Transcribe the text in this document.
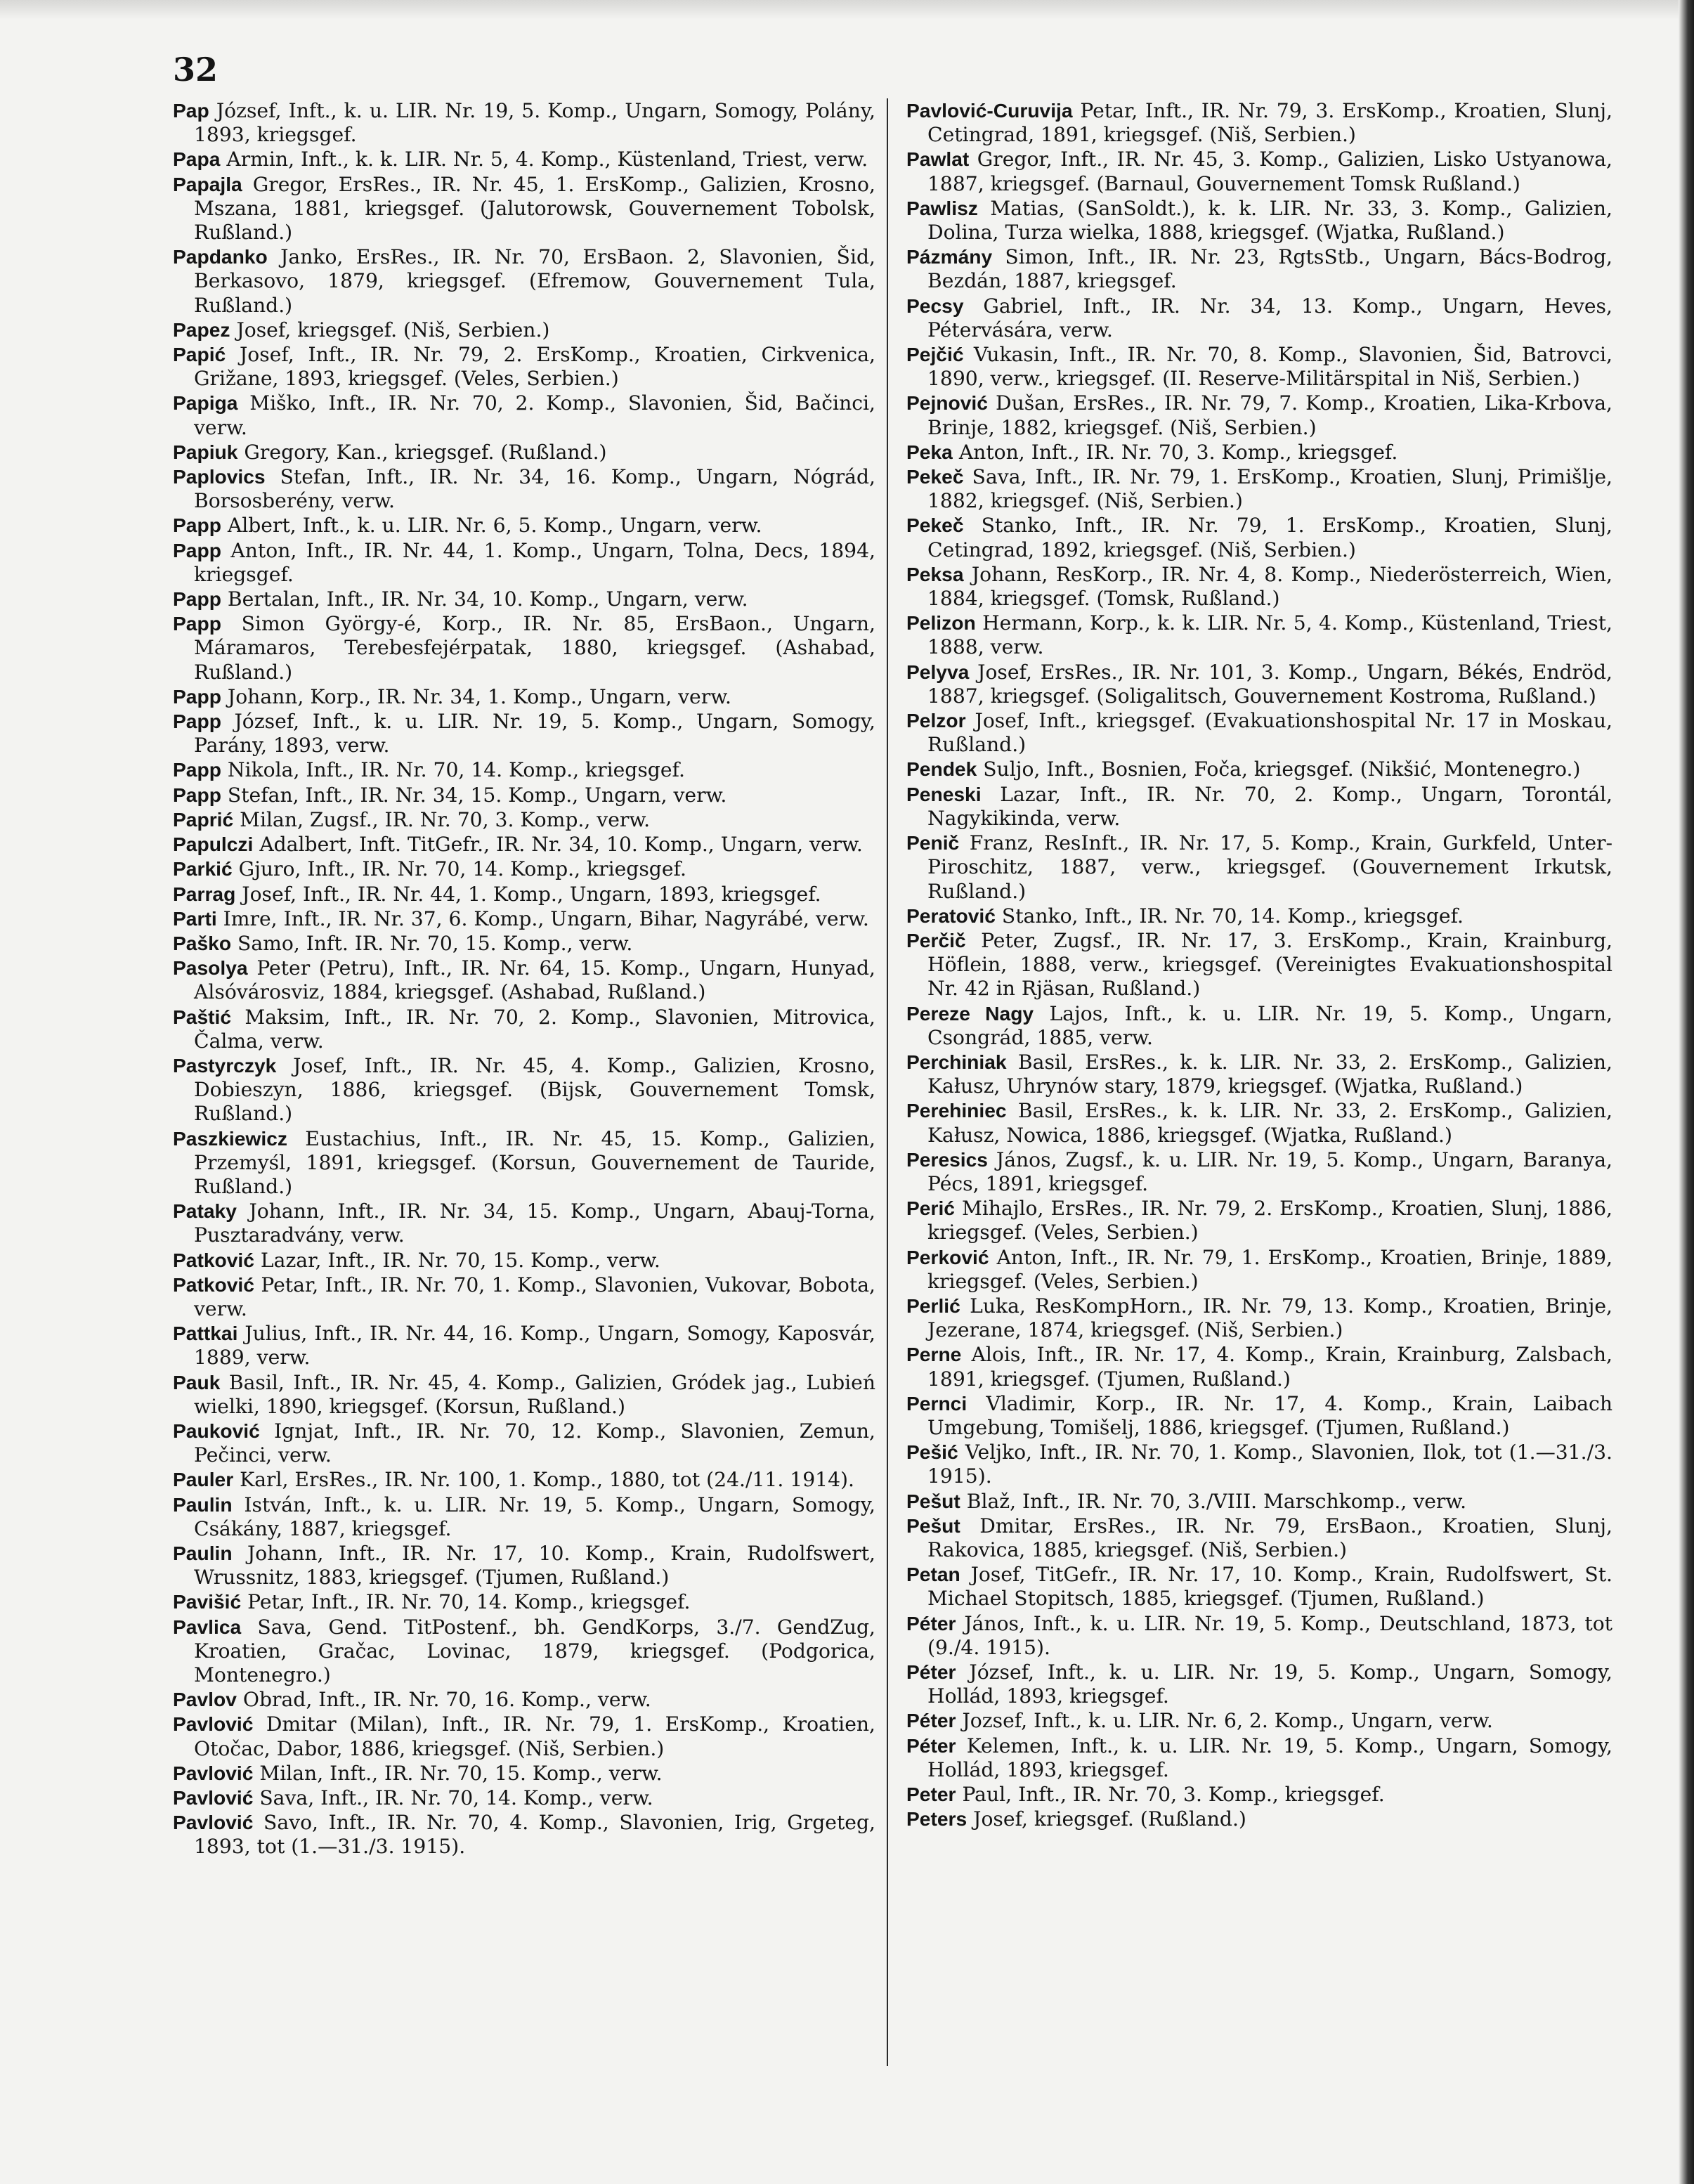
32

Pap József, Inft., k. u. LIR. Nr. 19, 5. Komp., Ungarn, Somogy, Polány, 1893, kriegsgef.

Papa Armin, Inft., k. k. LIR. Nr. 5, 4. Komp., Küstenland, Triest, verw.

Papajla Gregor, ErsRes., IR. Nr. 45, 1. ErsKomp., Galizien, Krosno, Mszana, 1881, kriegsgef. (Jalutorowsk, Gouvernement Tobolsk, Rußland.)

Papdanko Janko, ErsRes., IR. Nr. 70, ErsBaon. 2, Slavonien, Šid, Berkasovo, 1879, kriegsgef. (Efremow, Gouvernement Tula, Rußland.)

Papez Josef, kriegsgef. (Niš, Serbien.)

Papić Josef, Inft., IR. Nr. 79, 2. ErsKomp., Kroatien, Cirkvenica, Grižane, 1893, kriegsgef. (Veles, Serbien.)

Papiga Miško, Inft., IR. Nr. 70, 2. Komp., Slavonien, Šid, Bačinci, verw.

Papiuk Gregory, Kan., kriegsgef. (Rußland.)

Paplovics Stefan, Inft., IR. Nr. 34, 16. Komp., Ungarn, Nógrád, Borsosberény, verw.

Papp Albert, Inft., k. u. LIR. Nr. 6, 5. Komp., Ungarn, verw.

Papp Anton, Inft., IR. Nr. 44, 1. Komp., Ungarn, Tolna, Decs, 1894, kriegsgef.

Papp Bertalan, Inft., IR. Nr. 34, 10. Komp., Ungarn, verw.

Papp Simon György-é, Korp., IR. Nr. 85, ErsBaon., Ungarn, Máramaros, Terebesfejérpatak, 1880, kriegsgef. (Ashabad, Rußland.)

Papp Johann, Korp., IR. Nr. 34, 1. Komp., Ungarn, verw.

Papp József, Inft., k. u. LIR. Nr. 19, 5. Komp., Ungarn, Somogy, Parány, 1893, verw.

Papp Nikola, Inft., IR. Nr. 70, 14. Komp., kriegsgef.

Papp Stefan, Inft., IR. Nr. 34, 15. Komp., Ungarn, verw.

Paprić Milan, Zugsf., IR. Nr. 70, 3. Komp., verw.

Papulczi Adalbert, Inft. TitGefr., IR. Nr. 34, 10. Komp., Ungarn, verw.

Parkić Gjuro, Inft., IR. Nr. 70, 14. Komp., kriegsgef.

Parrag Josef, Inft., IR. Nr. 44, 1. Komp., Ungarn, 1893, kriegsgef.

Parti Imre, Inft., IR. Nr. 37, 6. Komp., Ungarn, Bihar, Nagyrábé, verw.

Paško Samo, Inft. IR. Nr. 70, 15. Komp., verw.

Pasolya Peter (Petru), Inft., IR. Nr. 64, 15. Komp., Ungarn, Hunyad, Alsóvárosviz, 1884, kriegsgef. (Ashabad, Rußland.)

Paštić Maksim, Inft., IR. Nr. 70, 2. Komp., Slavonien, Mitrovica, Čalma, verw.

Pastyrczyk Josef, Inft., IR. Nr. 45, 4. Komp., Galizien, Krosno, Dobieszyn, 1886, kriegsgef. (Bijsk, Gouvernement Tomsk, Rußland.)

Paszkiewicz Eustachius, Inft., IR. Nr. 45, 15. Komp., Galizien, Przemyśl, 1891, kriegsgef. (Korsun, Gouvernement de Tauride, Rußland.)

Pataky Johann, Inft., IR. Nr. 34, 15. Komp., Ungarn, Abauj-Torna, Pusztaradvány, verw.

Patković Lazar, Inft., IR. Nr. 70, 15. Komp., verw.

Patković Petar, Inft., IR. Nr. 70, 1. Komp., Slavonien, Vukovar, Bobota, verw.

Pattkai Julius, Inft., IR. Nr. 44, 16. Komp., Ungarn, Somogy, Kaposvár, 1889, verw.

Pauk Basil, Inft., IR. Nr. 45, 4. Komp., Galizien, Gródek jag., Lubień wielki, 1890, kriegsgef. (Korsun, Rußland.)

Pauković Ignjat, Inft., IR. Nr. 70, 12. Komp., Slavonien, Zemun, Pečinci, verw.

Pauler Karl, ErsRes., IR. Nr. 100, 1. Komp., 1880, tot (24./11. 1914).

Paulin István, Inft., k. u. LIR. Nr. 19, 5. Komp., Ungarn, Somogy, Csákány, 1887, kriegsgef.

Paulin Johann, Inft., IR. Nr. 17, 10. Komp., Krain, Rudolfswert, Wrussnitz, 1883, kriegsgef. (Tjumen, Rußland.)

Pavišić Petar, Inft., IR. Nr. 70, 14. Komp., kriegsgef.

Pavlica Sava, Gend. TitPostenf., bh. GendKorps, 3./7. GendZug, Kroatien, Gračac, Lovinac, 1879, kriegsgef. (Podgorica, Montenegro.)

Pavlov Obrad, Inft., IR. Nr. 70, 16. Komp., verw.

Pavlović Dmitar (Milan), Inft., IR. Nr. 79, 1. ErsKomp., Kroatien, Otočac, Dabor, 1886, kriegsgef. (Niš, Serbien.)

Pavlović Milan, Inft., IR. Nr. 70, 15. Komp., verw.

Pavlović Sava, Inft., IR. Nr. 70, 14. Komp., verw.

Pavlović Savo, Inft., IR. Nr. 70, 4. Komp., Slavonien, Irig, Grgeteg, 1893, tot (1.—31./3. 1915).

Pavlović-Curuvija Petar, Inft., IR. Nr. 79, 3. ErsKomp., Kroatien, Slunj, Cetingrad, 1891, kriegsgef. (Niš, Serbien.)

Pawlat Gregor, Inft., IR. Nr. 45, 3. Komp., Galizien, Lisko Ustyanowa, 1887, kriegsgef. (Barnaul, Gouvernement Tomsk Rußland.)

Pawlisz Matias, (SanSoldt.), k. k. LIR. Nr. 33, 3. Komp., Galizien, Dolina, Turza wielka, 1888, kriegsgef. (Wjatka, Rußland.)

Pázmány Simon, Inft., IR. Nr. 23, RgtsStb., Ungarn, Bács-Bodrog, Bezdán, 1887, kriegsgef.

Pecsy Gabriel, Inft., IR. Nr. 34, 13. Komp., Ungarn, Heves, Pétervására, verw.

Pejčić Vukasin, Inft., IR. Nr. 70, 8. Komp., Slavonien, Šid, Batrovci, 1890, verw., kriegsgef. (II. Reserve-Militärspital in Niš, Serbien.)

Pejnović Dušan, ErsRes., IR. Nr. 79, 7. Komp., Kroatien, Lika-Krbova, Brinje, 1882, kriegsgef. (Niš, Serbien.)

Peka Anton, Inft., IR. Nr. 70, 3. Komp., kriegsgef.

Pekeč Sava, Inft., IR. Nr. 79, 1. ErsKomp., Kroatien, Slunj, Primišlje, 1882, kriegsgef. (Niš, Serbien.)

Pekeč Stanko, Inft., IR. Nr. 79, 1. ErsKomp., Kroatien, Slunj, Cetingrad, 1892, kriegsgef. (Niš, Serbien.)

Peksa Johann, ResKorp., IR. Nr. 4, 8. Komp., Niederösterreich, Wien, 1884, kriegsgef. (Tomsk, Rußland.)

Pelizon Hermann, Korp., k. k. LIR. Nr. 5, 4. Komp., Küstenland, Triest, 1888, verw.

Pelyva Josef, ErsRes., IR. Nr. 101, 3. Komp., Ungarn, Békés, Endröd, 1887, kriegsgef. (Soligalitsch, Gouvernement Kostroma, Rußland.)

Pelzor Josef, Inft., kriegsgef. (Evakuationshospital Nr. 17 in Moskau, Rußland.)

Pendek Suljo, Inft., Bosnien, Foča, kriegsgef. (Nikšić, Montenegro.)

Peneski Lazar, Inft., IR. Nr. 70, 2. Komp., Ungarn, Torontál, Nagykikinda, verw.

Penič Franz, ResInft., IR. Nr. 17, 5. Komp., Krain, Gurkfeld, Unter-Piroschitz, 1887, verw., kriegsgef. (Gouvernement Irkutsk, Rußland.)

Peratović Stanko, Inft., IR. Nr. 70, 14. Komp., kriegsgef.

Perčič Peter, Zugsf., IR. Nr. 17, 3. ErsKomp., Krain, Krainburg, Höflein, 1888, verw., kriegsgef. (Vereinigtes Evakuationshospital Nr. 42 in Rjäsan, Rußland.)

Pereze Nagy Lajos, Inft., k. u. LIR. Nr. 19, 5. Komp., Ungarn, Csongrád, 1885, verw.

Perchiniak Basil, ErsRes., k. k. LIR. Nr. 33, 2. ErsKomp., Galizien, Kałusz, Uhrynów stary, 1879, kriegsgef. (Wjatka, Rußland.)

Perehiniec Basil, ErsRes., k. k. LIR. Nr. 33, 2. ErsKomp., Galizien, Kałusz, Nowica, 1886, kriegsgef. (Wjatka, Rußland.)

Peresics János, Zugsf., k. u. LIR. Nr. 19, 5. Komp., Ungarn, Baranya, Pécs, 1891, kriegsgef.

Perić Mihajlo, ErsRes., IR. Nr. 79, 2. ErsKomp., Kroatien, Slunj, 1886, kriegsgef. (Veles, Serbien.)

Perković Anton, Inft., IR. Nr. 79, 1. ErsKomp., Kroatien, Brinje, 1889, kriegsgef. (Veles, Serbien.)

Perlić Luka, ResKompHorn., IR. Nr. 79, 13. Komp., Kroatien, Brinje, Jezerane, 1874, kriegsgef. (Niš, Serbien.)

Perne Alois, Inft., IR. Nr. 17, 4. Komp., Krain, Krainburg, Zalsbach, 1891, kriegsgef. (Tjumen, Rußland.)

Pernci Vladimir, Korp., IR. Nr. 17, 4. Komp., Krain, Laibach Umgebung, Tomišelj, 1886, kriegsgef. (Tjumen, Rußland.)

Pešić Veljko, Inft., IR. Nr. 70, 1. Komp., Slavonien, Ilok, tot (1.—31./3. 1915).

Pešut Blaž, Inft., IR. Nr. 70, 3./VIII. Marschkomp., verw.

Pešut Dmitar, ErsRes., IR. Nr. 79, ErsBaon., Kroatien, Slunj, Rakovica, 1885, kriegsgef. (Niš, Serbien.)

Petan Josef, TitGefr., IR. Nr. 17, 10. Komp., Krain, Rudolfswert, St. Michael Stopitsch, 1885, kriegsgef. (Tjumen, Rußland.)

Péter János, Inft., k. u. LIR. Nr. 19, 5. Komp., Deutschland, 1873, tot (9./4. 1915).

Péter József, Inft., k. u. LIR. Nr. 19, 5. Komp., Ungarn, Somogy, Hollád, 1893, kriegsgef.

Péter Jozsef, Inft., k. u. LIR. Nr. 6, 2. Komp., Ungarn, verw.

Péter Kelemen, Inft., k. u. LIR. Nr. 19, 5. Komp., Ungarn, Somogy, Hollád, 1893, kriegsgef.

Peter Paul, Inft., IR. Nr. 70, 3. Komp., kriegsgef.

Peters Josef, kriegsgef. (Rußland.)
